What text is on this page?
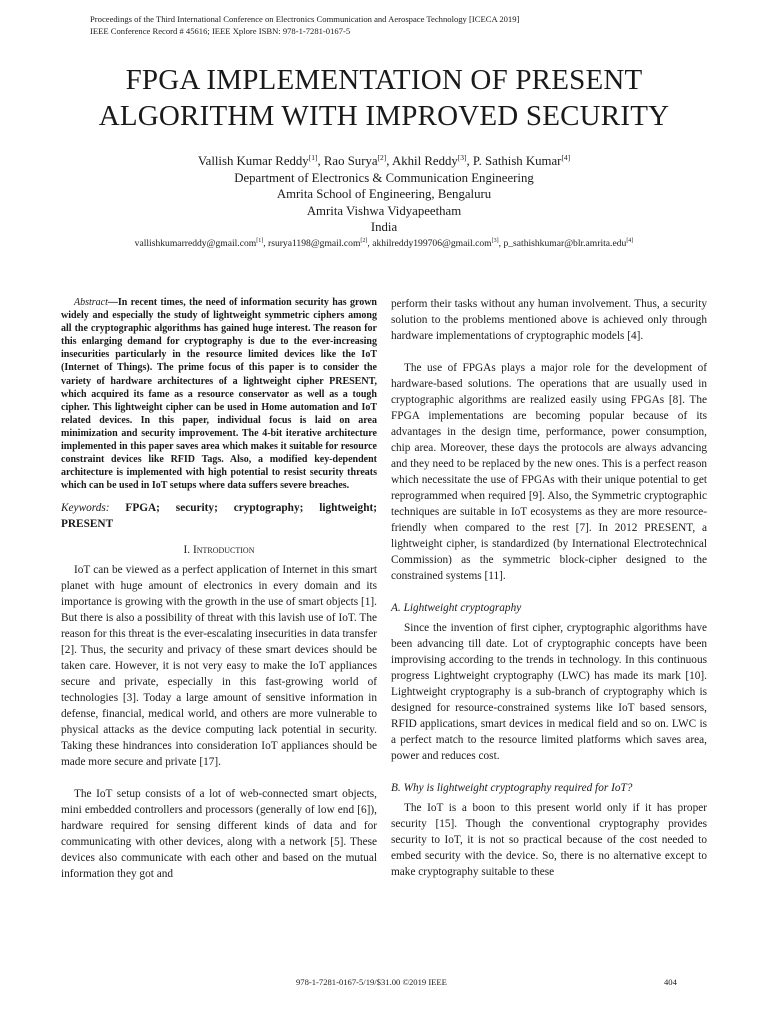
Proceedings of the Third International Conference on Electronics Communication and Aerospace Technology [ICECA 2019]
IEEE Conference Record # 45616; IEEE Xplore ISBN: 978-1-7281-0167-5
FPGA IMPLEMENTATION OF PRESENT
ALGORITHM WITH IMPROVED SECURITY
Vallish Kumar Reddy[1], Rao Surya[2], Akhil Reddy[3], P. Sathish Kumar[4]
Department of Electronics & Communication Engineering
Amrita School of Engineering, Bengaluru
Amrita Vishwa Vidyapeetham
India
vallishkumarreddy@gmail.com[1], rsurya1198@gmail.com[2], akhilreddy199706@gmail.com[3], p_sathishkumar@blr.amrita.edu[4]

Abstract—In recent times, the need of information security has grown widely and especially the study of lightweight symmetric ciphers among all the cryptographic algorithms has gained huge interest. The reason for this enlarging demand for cryptography is due to the ever-increasing insecurities particularly in the resource limited devices like the IoT (Internet of Things). The prime focus of this paper is to consider the variety of hardware architectures of a lightweight cipher PRESENT, which acquired its fame as a resource conservator as well as a tough cipher. This lightweight cipher can be used in Home automation and IoT related devices. In this paper, individual focus is laid on area minimization and security improvement. The 4-bit iterative architecture implemented in this paper saves area which makes it suitable for resource constraint devices like RFID Tags. Also, a modified key-dependent architecture is implemented with high potential to resist security threats which can be used in IoT setups where data suffers severe breaches.

Keywords: FPGA; security; cryptography; lightweight; PRESENT

I. Introduction

IoT can be viewed as a perfect application of Internet in this smart planet with huge amount of electronics in every domain and its importance is growing with the growth in the use of smart objects [1]. But there is also a possibility of threat with this lavish use of IoT. The reason for this threat is the ever-escalating insecurities in data transfer [2]. Thus, the security and privacy of these smart devices should be taken care. However, it is not very easy to make the IoT appliances secure and private, especially in this fast-growing world of technologies [3]. Today a large amount of sensitive information in defense, financial, medical world, and others are more vulnerable to physical attacks as the device computing lack potential in security. Taking these hindrances into consideration IoT appliances should be made more secure and private [17].

The IoT setup consists of a lot of web-connected smart objects, mini embedded controllers and processors (generally of low end [6]), hardware required for sensing different kinds of data and for communicating with other devices, along with a network [5]. These devices also communicate with each other and based on the mutual information they got and

perform their tasks without any human involvement. Thus, a security solution to the problems mentioned above is achieved only through hardware implementations of cryptographic models [4].

The use of FPGAs plays a major role for the development of hardware-based solutions. The operations that are usually used in cryptographic algorithms are realized easily using FPGAs [8]. The FPGA implementations are becoming popular because of its advantages in the design time, performance, power consumption, chip area. Moreover, these days the protocols are always advancing and they need to be replaced by the new ones. This is a perfect reason which necessitate the use of FPGAs with their unique potential to get reprogrammed when required [9]. Also, the Symmetric cryptographic techniques are suitable in IoT ecosystems as they are more resource-friendly when compared to the rest [7]. In 2012 PRESENT, a lightweight cipher, is standardized (by International Electrotechnical Commission) as the symmetric block-cipher designed to the constrained systems [11].

A. Lightweight cryptography

Since the invention of first cipher, cryptographic algorithms have been advancing till date. Lot of cryptographic concepts have been improvising according to the trends in technology. In this continuous progress Lightweight cryptography (LWC) has made its mark [10]. Lightweight cryptography is a sub-branch of cryptography which is designed for resource-constrained systems like IoT based sensors, RFID applications, smart devices in medical field and so on. LWC is a perfect match to the resource limited platforms which saves area, power and reduces cost.

B. Why is lightweight cryptography required for IoT?

The IoT is a boon to this present world only if it has proper security [15]. Though the conventional cryptography provides security to IoT, it is not so practical because of the cost needed to embed security with the device. So, there is no alternative except to make cryptography suitable to these

978-1-7281-0167-5/19/$31.00 ©2019 IEEE	404
